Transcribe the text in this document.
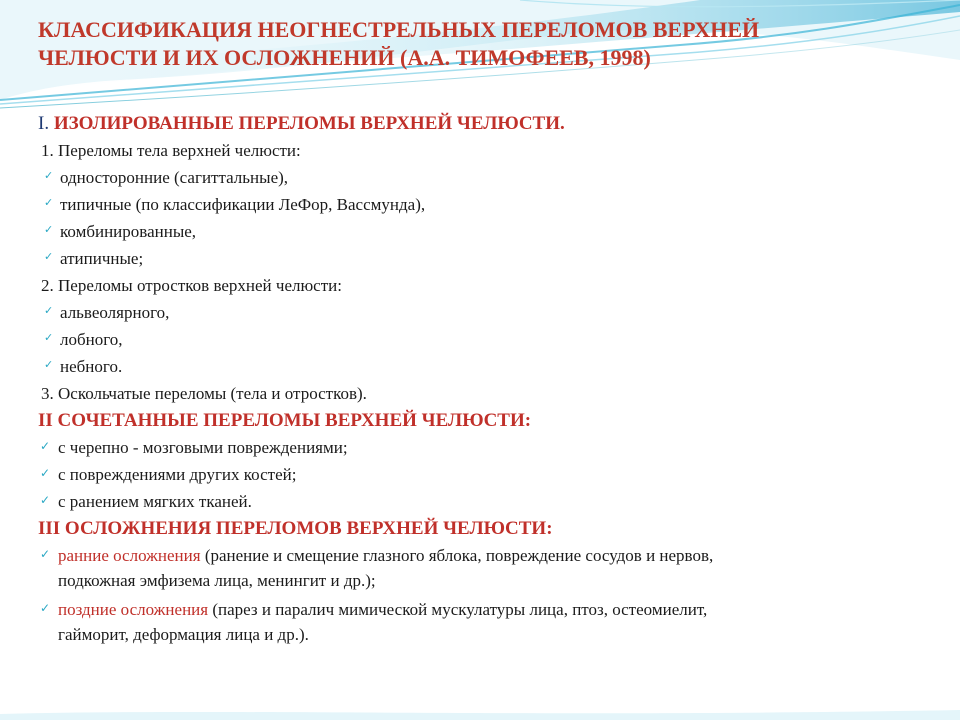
КЛАССИФИКАЦИЯ НЕОГНЕСТРЕЛЬНЫХ ПЕРЕЛОМОВ ВЕРХНЕЙ
ЧЕЛЮСТИ И ИХ ОСЛОЖНЕНИЙ (А.А. ТИМОФЕЕВ, 1998)
I. ИЗОЛИРОВАННЫЕ ПЕРЕЛОМЫ ВЕРХНЕЙ ЧЕЛЮСТИ.
1. Переломы тела верхней челюсти:
✓ односторонние (сагиттальные),
✓ типичные (по классификации ЛеФор, Вассмунда),
✓ комбинированные,
✓ атипичные;
2. Переломы отростков верхней челюсти:
✓ альвеолярного,
✓ лобного,
✓ небного.
3. Оскольчатые переломы (тела и отростков).
II СОЧЕТАННЫЕ ПЕРЕЛОМЫ ВЕРХНЕЙ ЧЕЛЮСТИ:
✓ с черепно - мозговыми повреждениями;
✓ с повреждениями других костей;
✓ с ранением мягких тканей.
III ОСЛОЖНЕНИЯ ПЕРЕЛОМОВ ВЕРХНЕЙ ЧЕЛЮСТИ:
✓ ранние осложнения (ранение и смещение глазного яблока, повреждение сосудов и нервов,
подкожная эмфизема лица, менингит и др.);
✓ поздние осложнения (парез и паралич мимической мускулатуры лица, птоз, остеомиелит,
гайморит, деформация лица и др.).
